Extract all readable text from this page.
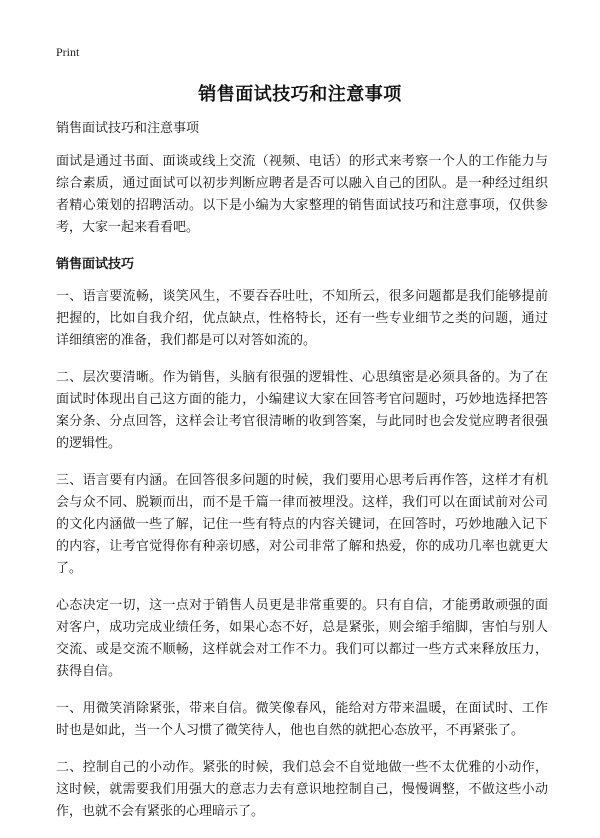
Print
销售面试技巧和注意事项

销售面试技巧和注意事项

面试是通过书面、面谈或线上交流（视频、电话）的形式来考察一个人的工作能力与综合素质，通过面试可以初步判断应聘者是否可以融入自己的团队。是一种经过组织者精心策划的招聘活动。以下是小编为大家整理的销售面试技巧和注意事项，仅供参考，大家一起来看看吧。

销售面试技巧

一、语言要流畅，谈笑风生，不要吞吞吐吐，不知所云，很多问题都是我们能够提前把握的，比如自我介绍，优点缺点，性格特长，还有一些专业细节之类的问题，通过详细缜密的准备，我们都是可以对答如流的。

二、层次要清晰。作为销售，头脑有很强的逻辑性、心思缜密是必须具备的。为了在面试时体现出自己这方面的能力，小编建议大家在回答考官问题时，巧妙地选择把答案分条、分点回答，这样会让考官很清晰的收到答案，与此同时也会发觉应聘者很强的逻辑性。

三、语言要有内涵。在回答很多问题的时候，我们要用心思考后再作答，这样才有机会与众不同、脱颖而出，而不是千篇一律而被埋没。这样，我们可以在面试前对公司的文化内涵做一些了解，记住一些有特点的内容关键词，在回答时，巧妙地融入记下的内容，让考官觉得你有种亲切感，对公司非常了解和热爱，你的成功几率也就更大了。

心态决定一切，这一点对于销售人员更是非常重要的。只有自信，才能勇敢顽强的面对客户，成功完成业绩任务，如果心态不好，总是紧张，则会缩手缩脚，害怕与别人交流、或是交流不顺畅，这样就会对工作不力。我们可以都过一些方式来释放压力，获得自信。

一、用微笑消除紧张，带来自信。微笑像春风，能给对方带来温暖，在面试时、工作时也是如此，当一个人习惯了微笑待人，他也自然的就把心态放平，不再紧张了。

二、控制自己的小动作。紧张的时候，我们总会不自觉地做一些不太优雅的小动作，这时候，就需要我们用强大的意志力去有意识地控制自己，慢慢调整，不做这些小动作，也就不会有紧张的心理暗示了。
